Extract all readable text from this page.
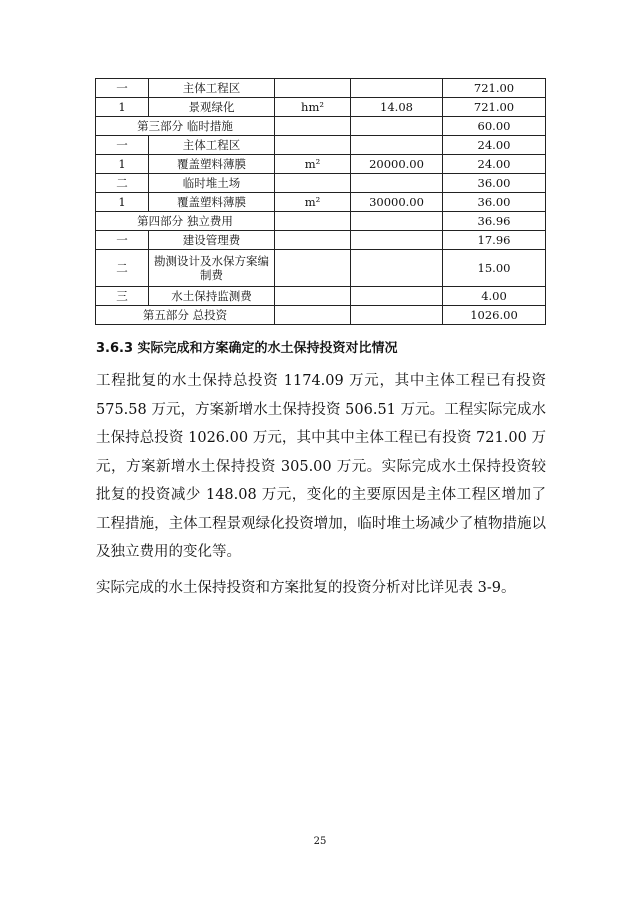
一	主体工程区			721.00
1	景观绿化	hm²	14.08	721.00
第三部分 临时措施				60.00
一	主体工程区			24.00
1	覆盖塑料薄膜	m²	20000.00	24.00
二	临时堆土场			36.00
1	覆盖塑料薄膜	m²	30000.00	36.00
第四部分 独立费用				36.96
一	建设管理费			17.96
二	勘测设计及水保方案编制费			15.00
三	水土保持监测费			4.00
第五部分 总投资				1026.00
3.6.3 实际完成和方案确定的水土保持投资对比情况

工程批复的水土保持总投资 1174.09 万元，其中主体工程已有投资 575.58 万元，方案新增水土保持投资 506.51 万元。工程实际完成水土保持总投资 1026.00 万元，其中其中主体工程已有投资 721.00 万元，方案新增水土保持投资 305.00 万元。实际完成水土保持投资较批复的投资减少 148.08 万元，变化的主要原因是主体工程区增加了工程措施，主体工程景观绿化投资增加，临时堆土场减少了植物措施以及独立费用的变化等。

实际完成的水土保持投资和方案批复的投资分析对比详见表 3-9。

25
